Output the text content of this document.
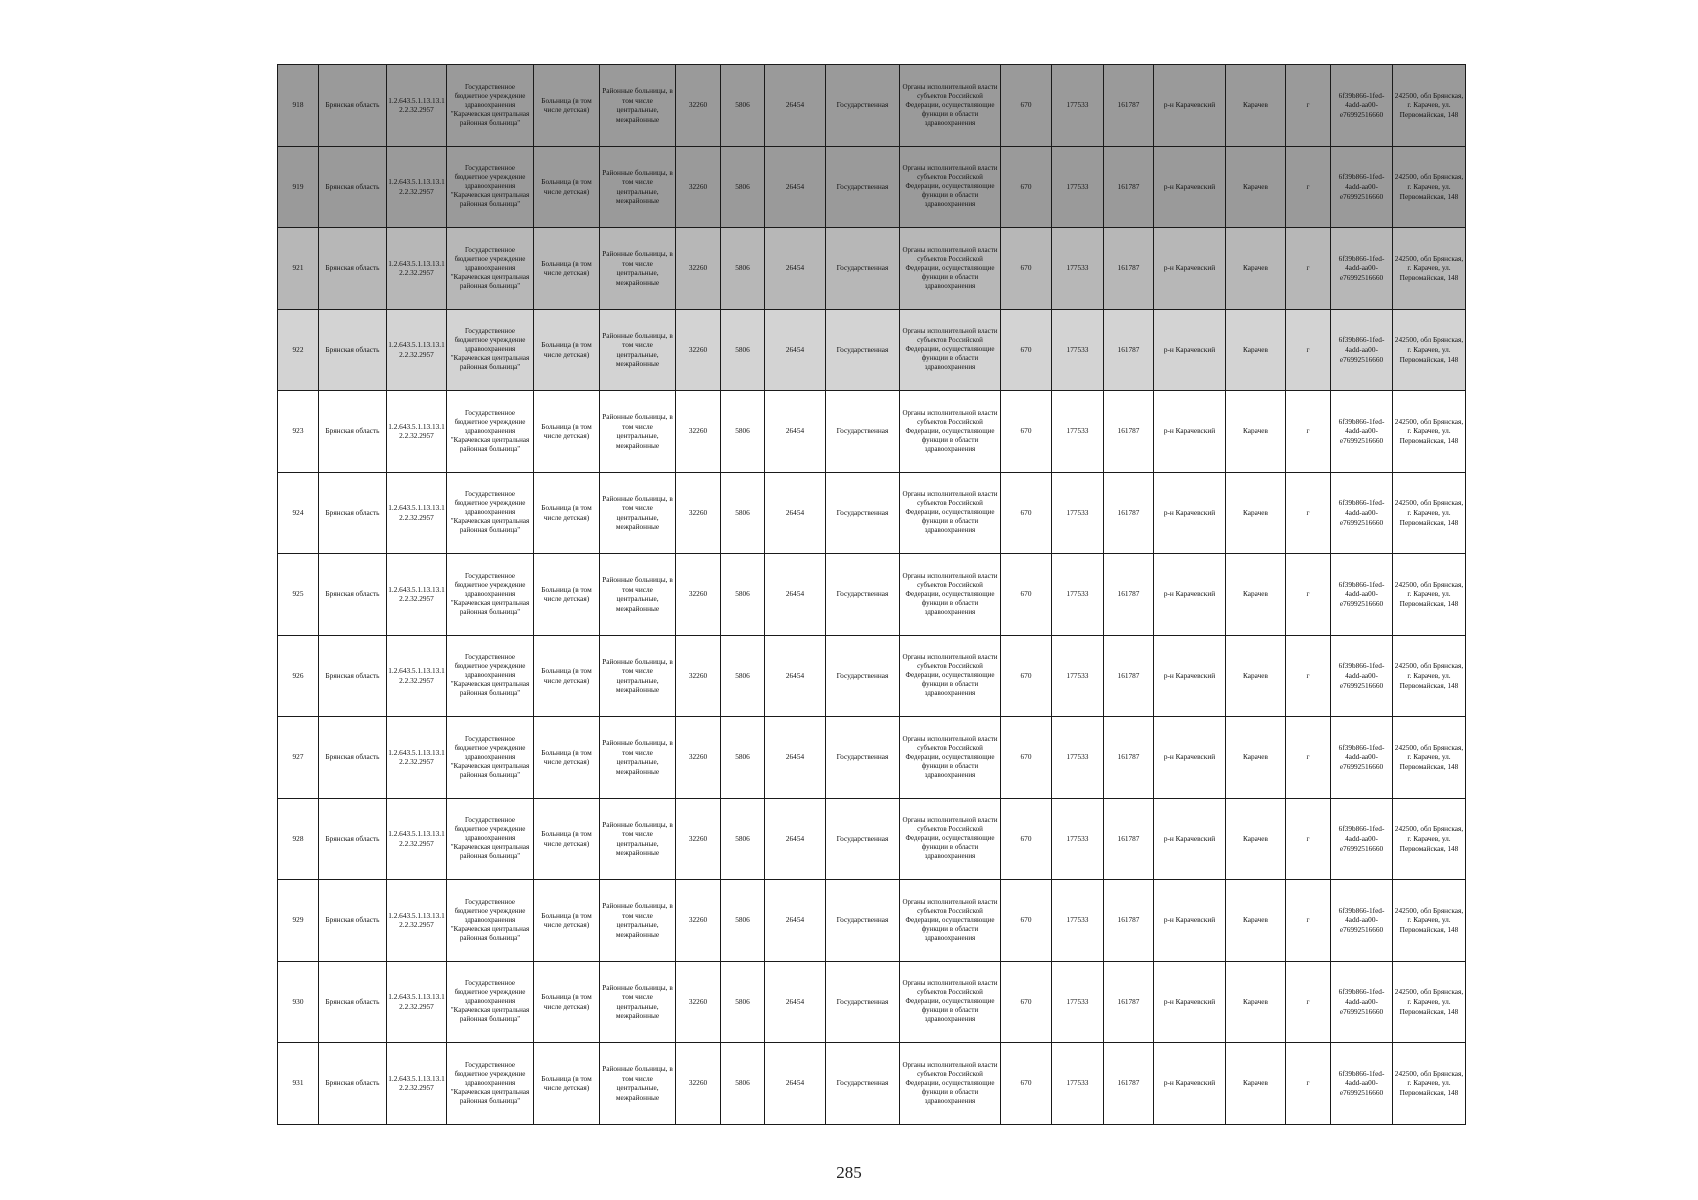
918	Брянская область	1.2.643.5.1.13.13.12.2.32.2957	Государственное бюджетное учреждение здравоохранения "Карачевская центральная районная больница"	Больница (в том числе детская)	Районные больницы, в том числе центральные, межрайонные	32260	5806	26454	Государственная	Органы исполнительной власти субъектов Российской Федерации, осуществляющие функции в области здравоохранения	670	177533	161787	р-н Карачевский	Карачев	г	6f39b866-1fed-4add-aa00-e76992516660	242500, обл Брянская, г. Карачев, ул. Первомайская, 148
919	Брянская область	1.2.643.5.1.13.13.12.2.32.2957	Государственное бюджетное учреждение здравоохранения "Карачевская центральная районная больница"	Больница (в том числе детская)	Районные больницы, в том числе центральные, межрайонные	32260	5806	26454	Государственная	Органы исполнительной власти субъектов Российской Федерации, осуществляющие функции в области здравоохранения	670	177533	161787	р-н Карачевский	Карачев	г	6f39b866-1fed-4add-aa00-e76992516660	242500, обл Брянская, г. Карачев, ул. Первомайская, 148
921	Брянская область	1.2.643.5.1.13.13.12.2.32.2957	Государственное бюджетное учреждение здравоохранения "Карачевская центральная районная больница"	Больница (в том числе детская)	Районные больницы, в том числе центральные, межрайонные	32260	5806	26454	Государственная	Органы исполнительной власти субъектов Российской Федерации, осуществляющие функции в области здравоохранения	670	177533	161787	р-н Карачевский	Карачев	г	6f39b866-1fed-4add-aa00-e76992516660	242500, обл Брянская, г. Карачев, ул. Первомайская, 148
922	Брянская область	1.2.643.5.1.13.13.12.2.32.2957	Государственное бюджетное учреждение здравоохранения "Карачевская центральная районная больница"	Больница (в том числе детская)	Районные больницы, в том числе центральные, межрайонные	32260	5806	26454	Государственная	Органы исполнительной власти субъектов Российской Федерации, осуществляющие функции в области здравоохранения	670	177533	161787	р-н Карачевский	Карачев	г	6f39b866-1fed-4add-aa00-e76992516660	242500, обл Брянская, г. Карачев, ул. Первомайская, 148
923	Брянская область	1.2.643.5.1.13.13.12.2.32.2957	Государственное бюджетное учреждение здравоохранения "Карачевская центральная районная больница"	Больница (в том числе детская)	Районные больницы, в том числе центральные, межрайонные	32260	5806	26454	Государственная	Органы исполнительной власти субъектов Российской Федерации, осуществляющие функции в области здравоохранения	670	177533	161787	р-н Карачевский	Карачев	г	6f39b866-1fed-4add-aa00-e76992516660	242500, обл Брянская, г. Карачев, ул. Первомайская, 148
924	Брянская область	1.2.643.5.1.13.13.12.2.32.2957	Государственное бюджетное учреждение здравоохранения "Карачевская центральная районная больница"	Больница (в том числе детская)	Районные больницы, в том числе центральные, межрайонные	32260	5806	26454	Государственная	Органы исполнительной власти субъектов Российской Федерации, осуществляющие функции в области здравоохранения	670	177533	161787	р-н Карачевский	Карачев	г	6f39b866-1fed-4add-aa00-e76992516660	242500, обл Брянская, г. Карачев, ул. Первомайская, 148
925	Брянская область	1.2.643.5.1.13.13.12.2.32.2957	Государственное бюджетное учреждение здравоохранения "Карачевская центральная районная больница"	Больница (в том числе детская)	Районные больницы, в том числе центральные, межрайонные	32260	5806	26454	Государственная	Органы исполнительной власти субъектов Российской Федерации, осуществляющие функции в области здравоохранения	670	177533	161787	р-н Карачевский	Карачев	г	6f39b866-1fed-4add-aa00-e76992516660	242500, обл Брянская, г. Карачев, ул. Первомайская, 148
926	Брянская область	1.2.643.5.1.13.13.12.2.32.2957	Государственное бюджетное учреждение здравоохранения "Карачевская центральная районная больница"	Больница (в том числе детская)	Районные больницы, в том числе центральные, межрайонные	32260	5806	26454	Государственная	Органы исполнительной власти субъектов Российской Федерации, осуществляющие функции в области здравоохранения	670	177533	161787	р-н Карачевский	Карачев	г	6f39b866-1fed-4add-aa00-e76992516660	242500, обл Брянская, г. Карачев, ул. Первомайская, 148
927	Брянская область	1.2.643.5.1.13.13.12.2.32.2957	Государственное бюджетное учреждение здравоохранения "Карачевская центральная районная больница"	Больница (в том числе детская)	Районные больницы, в том числе центральные, межрайонные	32260	5806	26454	Государственная	Органы исполнительной власти субъектов Российской Федерации, осуществляющие функции в области здравоохранения	670	177533	161787	р-н Карачевский	Карачев	г	6f39b866-1fed-4add-aa00-e76992516660	242500, обл Брянская, г. Карачев, ул. Первомайская, 148
928	Брянская область	1.2.643.5.1.13.13.12.2.32.2957	Государственное бюджетное учреждение здравоохранения "Карачевская центральная районная больница"	Больница (в том числе детская)	Районные больницы, в том числе центральные, межрайонные	32260	5806	26454	Государственная	Органы исполнительной власти субъектов Российской Федерации, осуществляющие функции в области здравоохранения	670	177533	161787	р-н Карачевский	Карачев	г	6f39b866-1fed-4add-aa00-e76992516660	242500, обл Брянская, г. Карачев, ул. Первомайская, 148
929	Брянская область	1.2.643.5.1.13.13.12.2.32.2957	Государственное бюджетное учреждение здравоохранения "Карачевская центральная районная больница"	Больница (в том числе детская)	Районные больницы, в том числе центральные, межрайонные	32260	5806	26454	Государственная	Органы исполнительной власти субъектов Российской Федерации, осуществляющие функции в области здравоохранения	670	177533	161787	р-н Карачевский	Карачев	г	6f39b866-1fed-4add-aa00-e76992516660	242500, обл Брянская, г. Карачев, ул. Первомайская, 148
930	Брянская область	1.2.643.5.1.13.13.12.2.32.2957	Государственное бюджетное учреждение здравоохранения "Карачевская центральная районная больница"	Больница (в том числе детская)	Районные больницы, в том числе центральные, межрайонные	32260	5806	26454	Государственная	Органы исполнительной власти субъектов Российской Федерации, осуществляющие функции в области здравоохранения	670	177533	161787	р-н Карачевский	Карачев	г	6f39b866-1fed-4add-aa00-e76992516660	242500, обл Брянская, г. Карачев, ул. Первомайская, 148
931	Брянская область	1.2.643.5.1.13.13.12.2.32.2957	Государственное бюджетное учреждение здравоохранения "Карачевская центральная районная больница"	Больница (в том числе детская)	Районные больницы, в том числе центральные, межрайонные	32260	5806	26454	Государственная	Органы исполнительной власти субъектов Российской Федерации, осуществляющие функции в области здравоохранения	670	177533	161787	р-н Карачевский	Карачев	г	6f39b866-1fed-4add-aa00-e76992516660	242500, обл Брянская, г. Карачев, ул. Первомайская, 148
285
